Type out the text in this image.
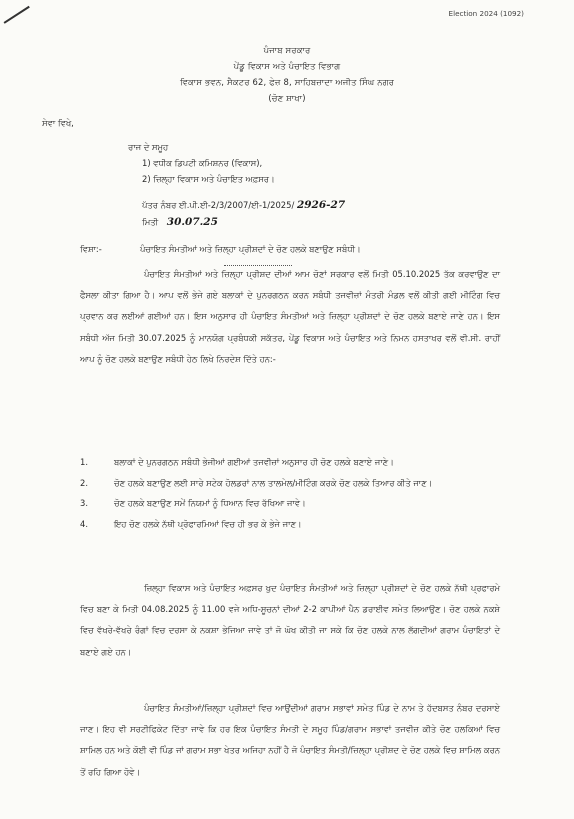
Election 2024 (1092)
ਪੰਜਾਬ ਸਰਕਾਰ
ਪੇਂਡੂ ਵਿਕਾਸ ਅਤੇ ਪੰਚਾਇਤ ਵਿਭਾਗ
ਵਿਕਾਸ ਭਵਨ, ਸੈਕਟਰ 62, ਫੇਜ਼ 8, ਸਾਹਿਬਜ਼ਾਦਾ ਅਜੀਤ ਸਿੰਘ ਨਗਰ
(ਚੋਣ ਸ਼ਾਖਾ)
ਸੇਵਾ ਵਿਖੇ,
ਰਾਜ ਦੇ ਸਮੂਹ
1) ਵਧੀਕ ਡਿਪਟੀ ਕਮਿਸ਼ਨਰ (ਵਿਕਾਸ),
2) ਜ਼ਿਲ੍ਹਾ ਵਿਕਾਸ ਅਤੇ ਪੰਚਾਇਤ ਅਫ਼ਸਰ।
ਪੱਤਰ ਨੰਬਰ ਈ.ਪੀ.ਈ-2/3/2007/ਈ-1/2025/ 2926-27
ਮਿਤੀ 30.07.25
ਵਿਸ਼ਾ:-	ਪੰਚਾਇਤ ਸੰਮਤੀਆਂ ਅਤੇ ਜ਼ਿਲ੍ਹਾ ਪ੍ਰੀਸ਼ਦਾਂ ਦੇ ਚੋਣ ਹਲਕੇ ਬਣਾਉਣ ਸਬੰਧੀ।

ਪੰਚਾਇਤ ਸੰਮਤੀਆਂ ਅਤੇ ਜ਼ਿਲ੍ਹਾ ਪ੍ਰੀਸ਼ਦ ਦੀਆਂ ਆਮ ਚੋਣਾਂ ਸਰਕਾਰ ਵਲੋਂ ਮਿਤੀ 05.10.2025 ਤੱਕ ਕਰਵਾਉਣ ਦਾ ਫੈਸਲਾ ਕੀਤਾ ਗਿਆ ਹੈ। ਆਪ ਵਲੋਂ ਭੇਜੇ ਗਏ ਬਲਾਕਾਂ ਦੇ ਪੁਨਰਗਠਨ ਕਰਨ ਸਬੰਧੀ ਤਜਵੀਜ਼ਾਂ ਮੰਤਰੀ ਮੰਡਲ ਵਲੋਂ ਕੀਤੀ ਗਈ ਮੀਟਿੰਗ ਵਿਚ ਪ੍ਰਵਾਨ ਕਰ ਲਈਆਂ ਗਈਆਂ ਹਨ। ਇਸ ਅਨੁਸਾਰ ਹੀ ਪੰਚਾਇਤ ਸੰਮਤੀਆਂ ਅਤੇ ਜ਼ਿਲ੍ਹਾ ਪ੍ਰੀਸ਼ਦਾਂ ਦੇ ਚੋਣ ਹਲਕੇ ਬਣਾਏ ਜਾਣੇ ਹਨ। ਇਸ ਸਬੰਧੀ ਅੱਜ ਮਿਤੀ 30.07.2025 ਨੂੰ ਮਾਨਯੋਗ ਪ੍ਰਬੰਧਕੀ ਸਕੱਤਰ, ਪੇਂਡੂ ਵਿਕਾਸ ਅਤੇ ਪੰਚਾਇਤ ਅਤੇ ਨਿਮਨ ਹਸਤਾਖਰ ਵਲੋਂ ਵੀ.ਸੀ. ਰਾਹੀਂ ਆਪ ਨੂੰ ਚੋਣ ਹਲਕੇ ਬਣਾਉਣ ਸਬੰਧੀ ਹੇਠ ਲਿਖੇ ਨਿਰਦੇਸ਼ ਦਿੱਤੇ ਹਨ:-

1.	ਬਲਾਕਾਂ ਦੇ ਪੁਨਰਗਠਨ ਸਬੰਧੀ ਭੇਜੀਆਂ ਗਈਆਂ ਤਜਵੀਜ਼ਾਂ ਅਨੁਸਾਰ ਹੀ ਚੋਣ ਹਲਕੇ ਬਣਾਏ ਜਾਣੇ।
2.	ਚੋਣ ਹਲਕੇ ਬਣਾਉਣ ਲਈ ਸਾਰੇ ਸਟੇਕ ਹੋਲਡਰਾਂ ਨਾਲ ਤਾਲਮੇਲ/ਮੀਟਿੰਗ ਕਰਕੇ ਚੋਣ ਹਲਕੇ ਤਿਆਰ ਕੀਤੇ ਜਾਣ।
3.	ਚੋਣ ਹਲਕੇ ਬਣਾਉਣ ਸਮੇਂ ਨਿਯਮਾਂ ਨੂੰ ਧਿਆਨ ਵਿਚ ਰੱਖਿਆ ਜਾਵੇ।
4.	ਇਹ ਚੋਣ ਹਲਕੇ ਨੱਥੀ ਪ੍ਰੋਫਾਰਮਿਆਂ ਵਿਚ ਹੀ ਭਰ ਕੇ ਭੇਜੇ ਜਾਣ।

ਜ਼ਿਲ੍ਹਾ ਵਿਕਾਸ ਅਤੇ ਪੰਚਾਇਤ ਅਫ਼ਸਰ ਖੁਦ ਪੰਚਾਇਤ ਸੰਮਤੀਆਂ ਅਤੇ ਜ਼ਿਲ੍ਹਾ ਪ੍ਰੀਸ਼ਦਾਂ ਦੇ ਚੋਣ ਹਲਕੇ ਨੱਥੀ ਪ੍ਰਫਾਰਮੇ ਵਿਚ ਬਣਾ ਕੇ ਮਿਤੀ 04.08.2025 ਨੂੰ 11.00 ਵਜੇ ਅਧਿ-ਸੂਚਨਾਂ ਦੀਆਂ 2-2 ਕਾਪੀਆਂ ਪੈਨ ਡਰਾਈਵ ਸਮੇਤ ਲਿਆਉਣ। ਚੋਣ ਹਲਕੇ ਨਕਸ਼ੇ ਵਿਚ ਵੱਖਰੇ-ਵੱਖਰੇ ਰੰਗਾਂ ਵਿਚ ਦਰਸਾ ਕੇ ਨਕਸ਼ਾ ਭੇਜਿਆ ਜਾਵੇ ਤਾਂ ਜੋ ਘੋਖ ਕੀਤੀ ਜਾ ਸਕੇ ਕਿ ਚੋਣ ਹਲਕੇ ਨਾਲ ਲੱਗਦੀਆਂ ਗਰਾਮ ਪੰਚਾਇਤਾਂ ਦੇ ਬਣਾਏ ਗਏ ਹਨ।

ਪੰਚਾਇਤ ਸੰਮਤੀਆਂ/ਜ਼ਿਲ੍ਹਾ ਪ੍ਰੀਸ਼ਦਾਂ ਵਿਚ ਆਉਂਦੀਆਂ ਗਰਾਮ ਸਭਾਵਾਂ ਸਮੇਤ ਪਿੰਡ ਦੇ ਨਾਮ ਤੇ ਹੱਦਬਸਤ ਨੰਬਰ ਦਰਸਾਏ ਜਾਣ। ਇਹ ਵੀ ਸਰਟੀਫਿਕੇਟ ਦਿੱਤਾ ਜਾਵੇ ਕਿ ਹਰ ਇਕ ਪੰਚਾਇਤ ਸੰਮਤੀ ਦੇ ਸਮੂਹ ਪਿੰਡ/ਗਰਾਮ ਸਭਾਵਾਂ ਤਜਵੀਜ਼ ਕੀਤੇ ਚੋਣ ਹਲਕਿਆਂ ਵਿਚ ਸ਼ਾਮਿਲ ਹਨ ਅਤੇ ਕੋਈ ਵੀ ਪਿੰਡ ਜਾਂ ਗਰਾਮ ਸਭਾ ਖੇਤਰ ਅਜਿਹਾ ਨਹੀਂ ਹੈ ਜੋ ਪੰਚਾਇਤ ਸੰਮਤੀ/ਜ਼ਿਲ੍ਹਾ ਪ੍ਰੀਸ਼ਦ ਦੇ ਚੋਣ ਹਲਕੇ ਵਿਚ ਸ਼ਾਮਿਲ ਕਰਨ ਤੋਂ ਰਹਿ ਗਿਆ ਹੋਵੇ।
